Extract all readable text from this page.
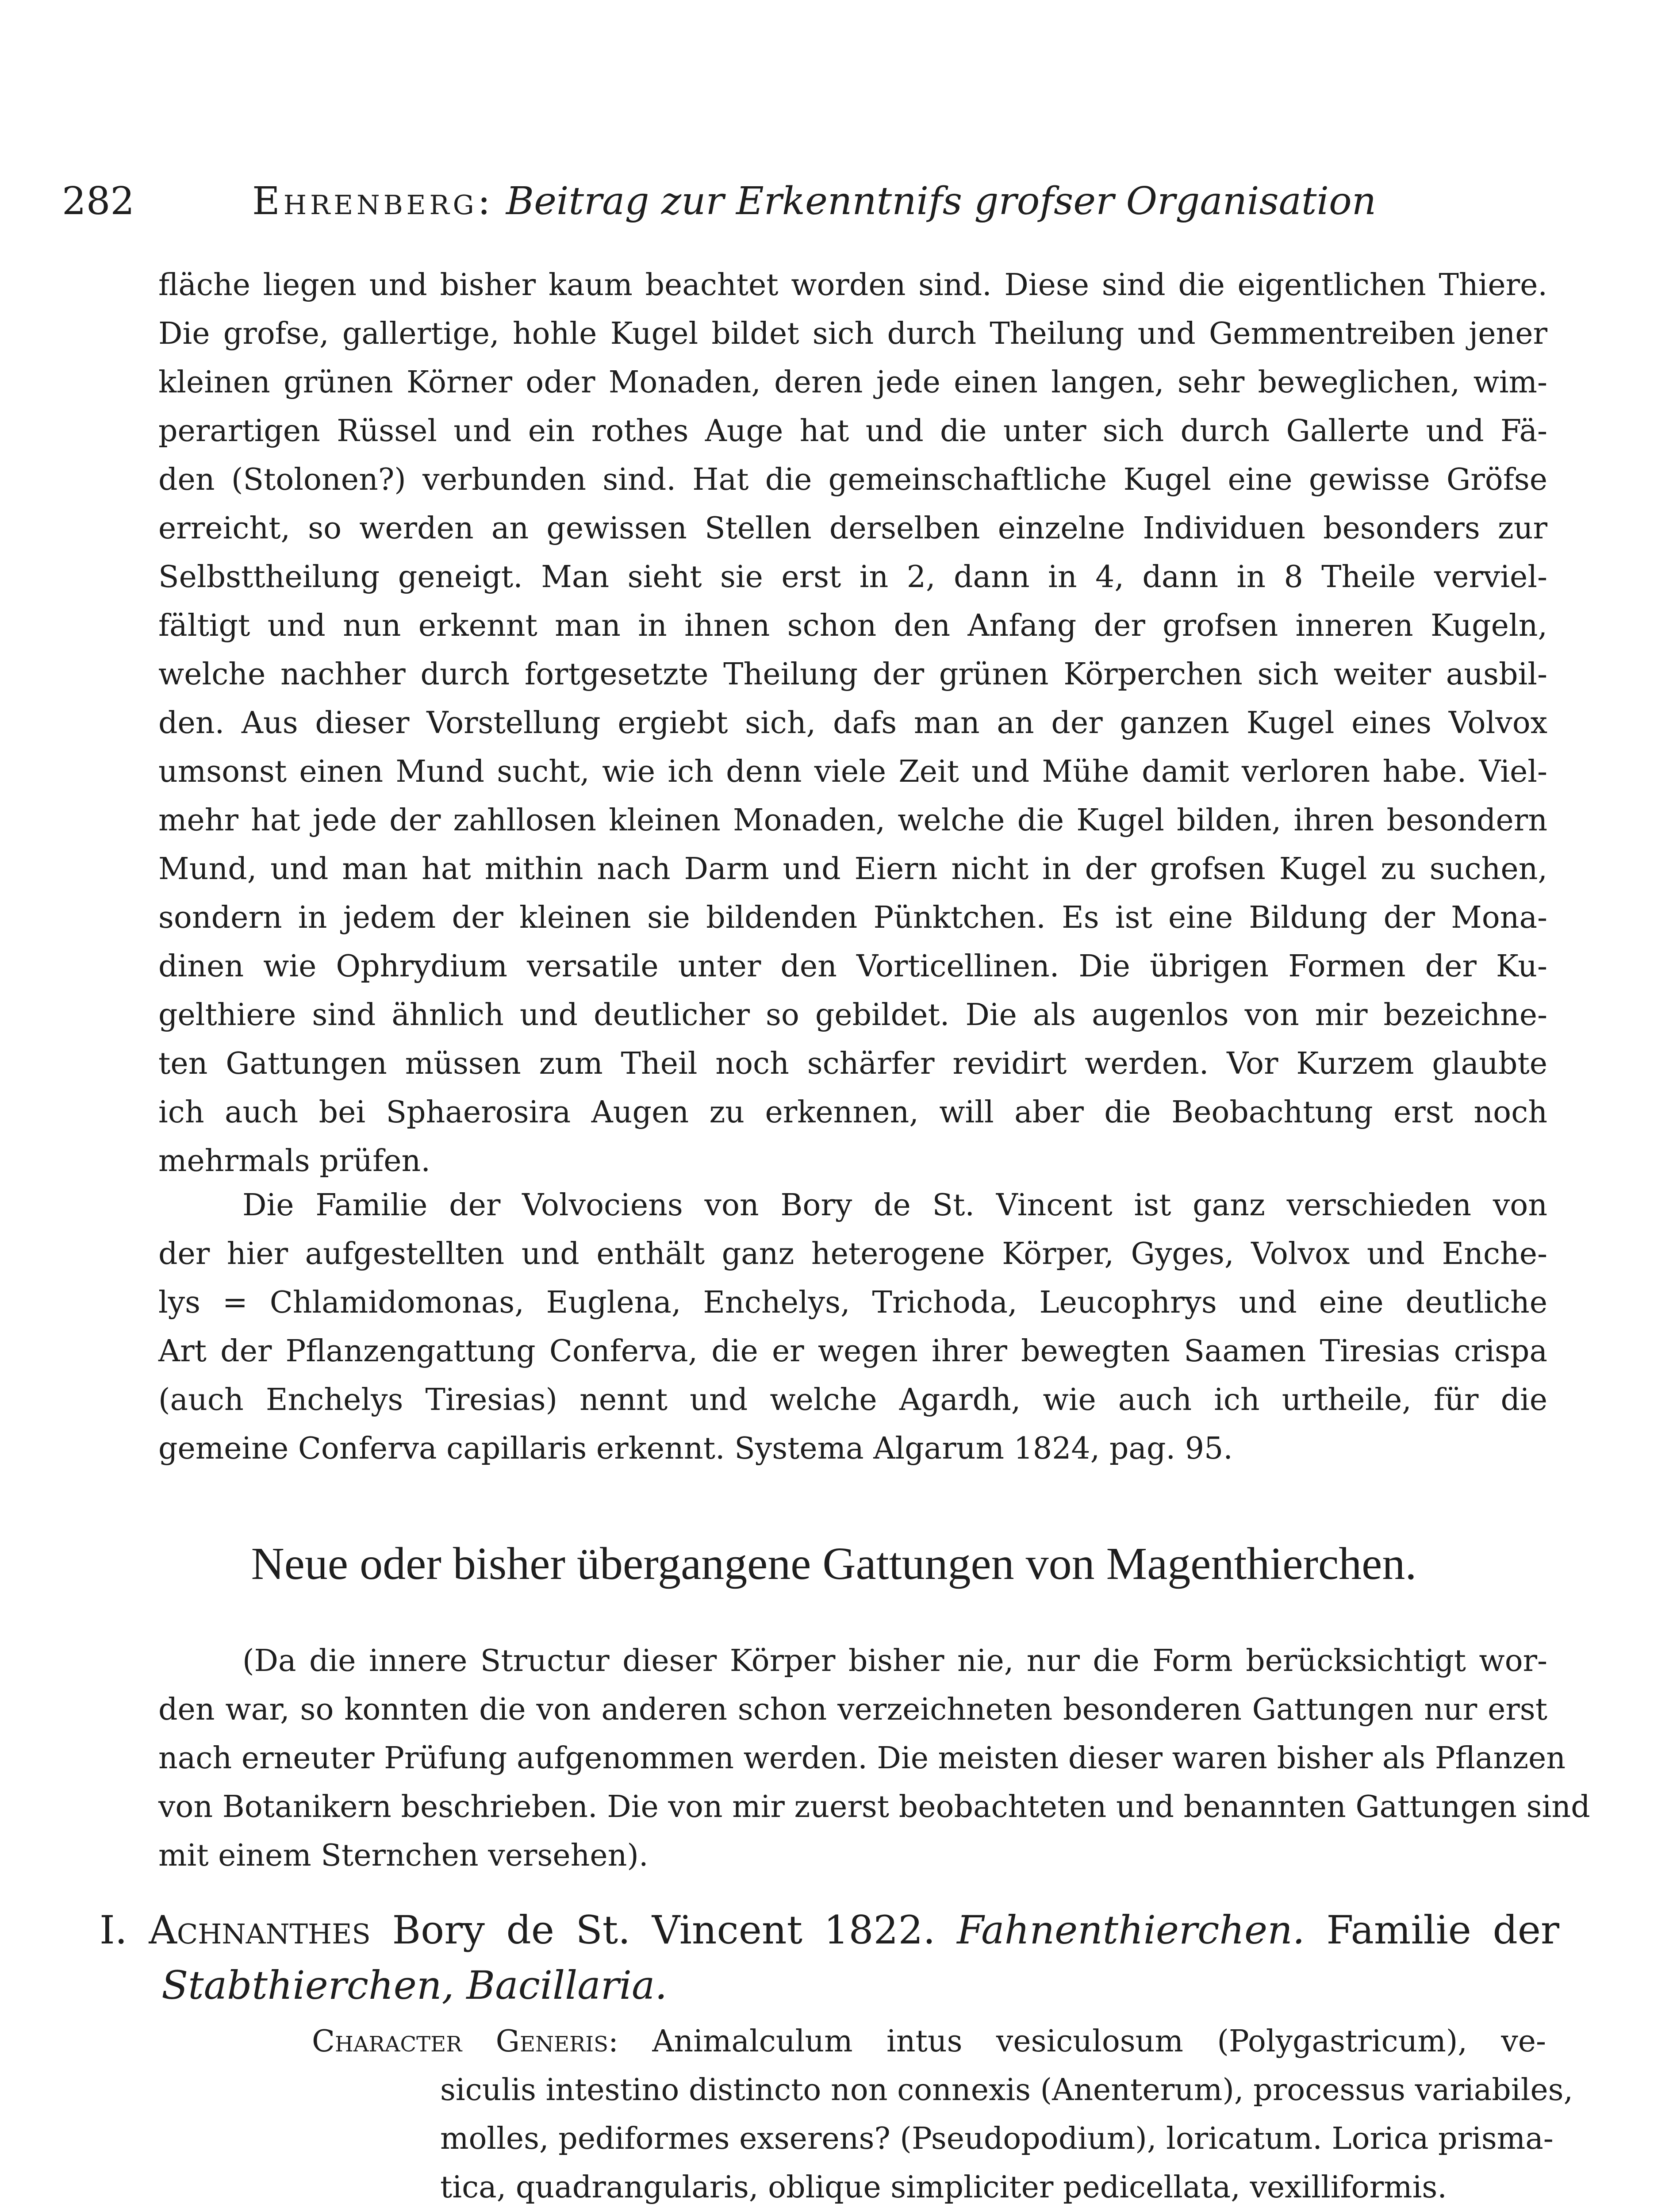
282	Ehrenberg: Beitrag zur Erkenntnifs grofser Organisation
fläche liegen und bisher kaum beachtet worden sind. Diese sind die eigentlichen Thiere.
Die grofse, gallertige, hohle Kugel bildet sich durch Theilung und Gemmentreiben jener
kleinen grünen Körner oder Monaden, deren jede einen langen, sehr beweglichen, wim-
perartigen Rüssel und ein rothes Auge hat und die unter sich durch Gallerte und Fä-
den (Stolonen?) verbunden sind. Hat die gemeinschaftliche Kugel eine gewisse Gröfse
erreicht, so werden an gewissen Stellen derselben einzelne Individuen besonders zur
Selbsttheilung geneigt. Man sieht sie erst in 2, dann in 4, dann in 8 Theile verviel-
fältigt und nun erkennt man in ihnen schon den Anfang der grofsen inneren Kugeln,
welche nachher durch fortgesetzte Theilung der grünen Körperchen sich weiter ausbil-
den. Aus dieser Vorstellung ergiebt sich, dafs man an der ganzen Kugel eines Volvox
umsonst einen Mund sucht, wie ich denn viele Zeit und Mühe damit verloren habe. Viel-
mehr hat jede der zahllosen kleinen Monaden, welche die Kugel bilden, ihren besondern
Mund, und man hat mithin nach Darm und Eiern nicht in der grofsen Kugel zu suchen,
sondern in jedem der kleinen sie bildenden Pünktchen. Es ist eine Bildung der Mona-
dinen wie Ophrydium versatile unter den Vorticellinen. Die übrigen Formen der Ku-
gelthiere sind ähnlich und deutlicher so gebildet. Die als augenlos von mir bezeichne-
ten Gattungen müssen zum Theil noch schärfer revidirt werden. Vor Kurzem glaubte
ich auch bei Sphaerosira Augen zu erkennen, will aber die Beobachtung erst noch
mehrmals prüfen.
Die Familie der Volvociens von Bory de St. Vincent ist ganz verschieden von
der hier aufgestellten und enthält ganz heterogene Körper, Gyges, Volvox und Enche-
lys = Chlamidomonas, Euglena, Enchelys, Trichoda, Leucophrys und eine deutliche
Art der Pflanzengattung Conferva, die er wegen ihrer bewegten Saamen Tiresias crispa
(auch Enchelys Tiresias) nennt und welche Agardh, wie auch ich urtheile, für die
gemeine Conferva capillaris erkennt. Systema Algarum 1824, pag. 95.
Neue oder bisher übergangene Gattungen von Magenthierchen.
(Da die innere Structur dieser Körper bisher nie, nur die Form berücksichtigt wor-
den war, so konnten die von anderen schon verzeichneten besonderen Gattungen nur erst
nach erneuter Prüfung aufgenommen werden. Die meisten dieser waren bisher als Pflanzen
von Botanikern beschrieben. Die von mir zuerst beobachteten und benannten Gattungen sind
mit einem Sternchen versehen).
I. Achnanthes Bory de St. Vincent 1822. Fahnenthierchen. Familie der
Stabthierchen, Bacillaria.
Character Generis: Animalculum intus vesiculosum (Polygastricum), ve-
siculis intestino distincto non connexis (Anenterum), processus variabiles,
molles, pediformes exserens? (Pseudopodium), loricatum. Lorica prisma-
tica, quadrangularis, oblique simpliciter pedicellata, vexilliformis.
